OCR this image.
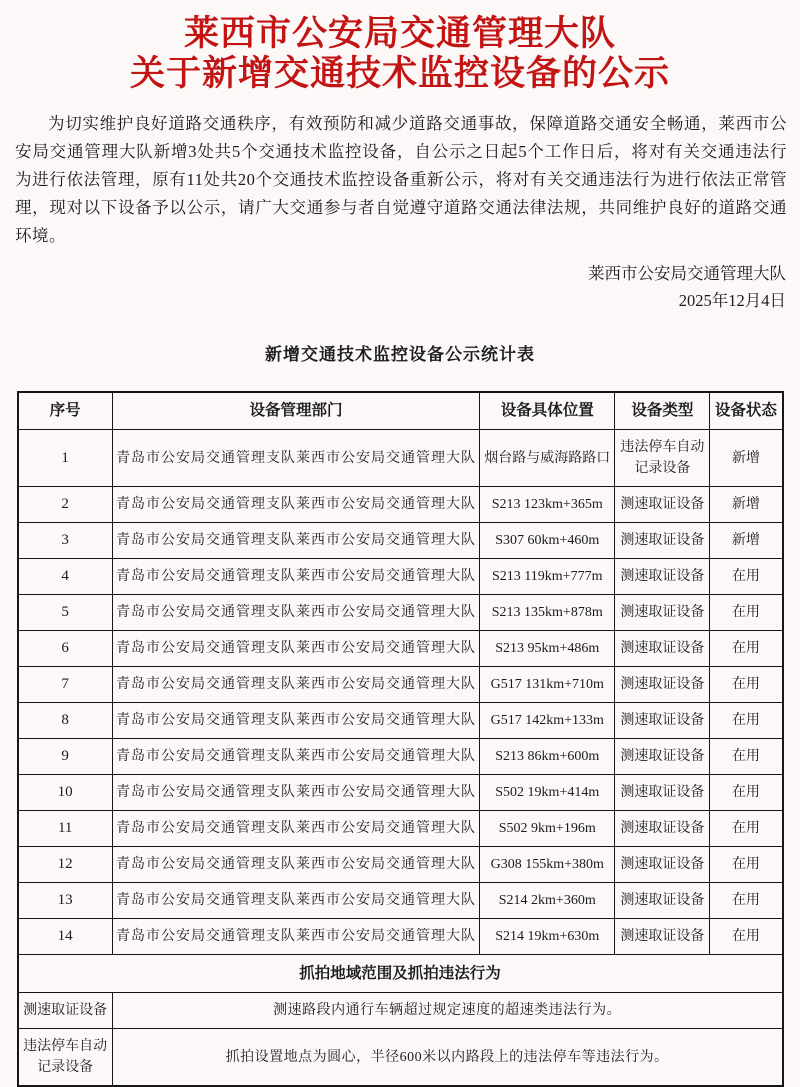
莱西市公安局交通管理大队
关于新增交通技术监控设备的公示

为切实维护良好道路交通秩序，有效预防和减少道路交通事故，保障道路交通安全畅通，莱西市公安局交通管理大队新增3处共5个交通技术监控设备，自公示之日起5个工作日后，将对有关交通违法行为进行依法管理，原有11处共20个交通技术监控设备重新公示，将对有关交通违法行为进行依法正常管理，现对以下设备予以公示，请广大交通参与者自觉遵守道路交通法律法规，共同维护良好的道路交通环境。

莱西市公安局交通管理大队
2025年12月4日
新增交通技术监控设备公示统计表
序号	设备管理部门	设备具体位置	设备类型	设备状态
1	青岛市公安局交通管理支队莱西市公安局交通管理大队	烟台路与威海路路口	违法停车自动记录设备	新增
2	青岛市公安局交通管理支队莱西市公安局交通管理大队	S213 123km+365m	测速取证设备	新增
3	青岛市公安局交通管理支队莱西市公安局交通管理大队	S307 60km+460m	测速取证设备	新增
4	青岛市公安局交通管理支队莱西市公安局交通管理大队	S213 119km+777m	测速取证设备	在用
5	青岛市公安局交通管理支队莱西市公安局交通管理大队	S213 135km+878m	测速取证设备	在用
6	青岛市公安局交通管理支队莱西市公安局交通管理大队	S213 95km+486m	测速取证设备	在用
7	青岛市公安局交通管理支队莱西市公安局交通管理大队	G517 131km+710m	测速取证设备	在用
8	青岛市公安局交通管理支队莱西市公安局交通管理大队	G517 142km+133m	测速取证设备	在用
9	青岛市公安局交通管理支队莱西市公安局交通管理大队	S213 86km+600m	测速取证设备	在用
10	青岛市公安局交通管理支队莱西市公安局交通管理大队	S502 19km+414m	测速取证设备	在用
11	青岛市公安局交通管理支队莱西市公安局交通管理大队	S502 9km+196m	测速取证设备	在用
12	青岛市公安局交通管理支队莱西市公安局交通管理大队	G308 155km+380m	测速取证设备	在用
13	青岛市公安局交通管理支队莱西市公安局交通管理大队	S214 2km+360m	测速取证设备	在用
14	青岛市公安局交通管理支队莱西市公安局交通管理大队	S214 19km+630m	测速取证设备	在用
抓拍地域范围及抓拍违法行为				
测速取证设备	测速路段内通行车辆超过规定速度的超速类违法行为。			
违法停车自动记录设备	抓拍设置地点为圆心，半径600米以内路段上的违法停车等违法行为。			
